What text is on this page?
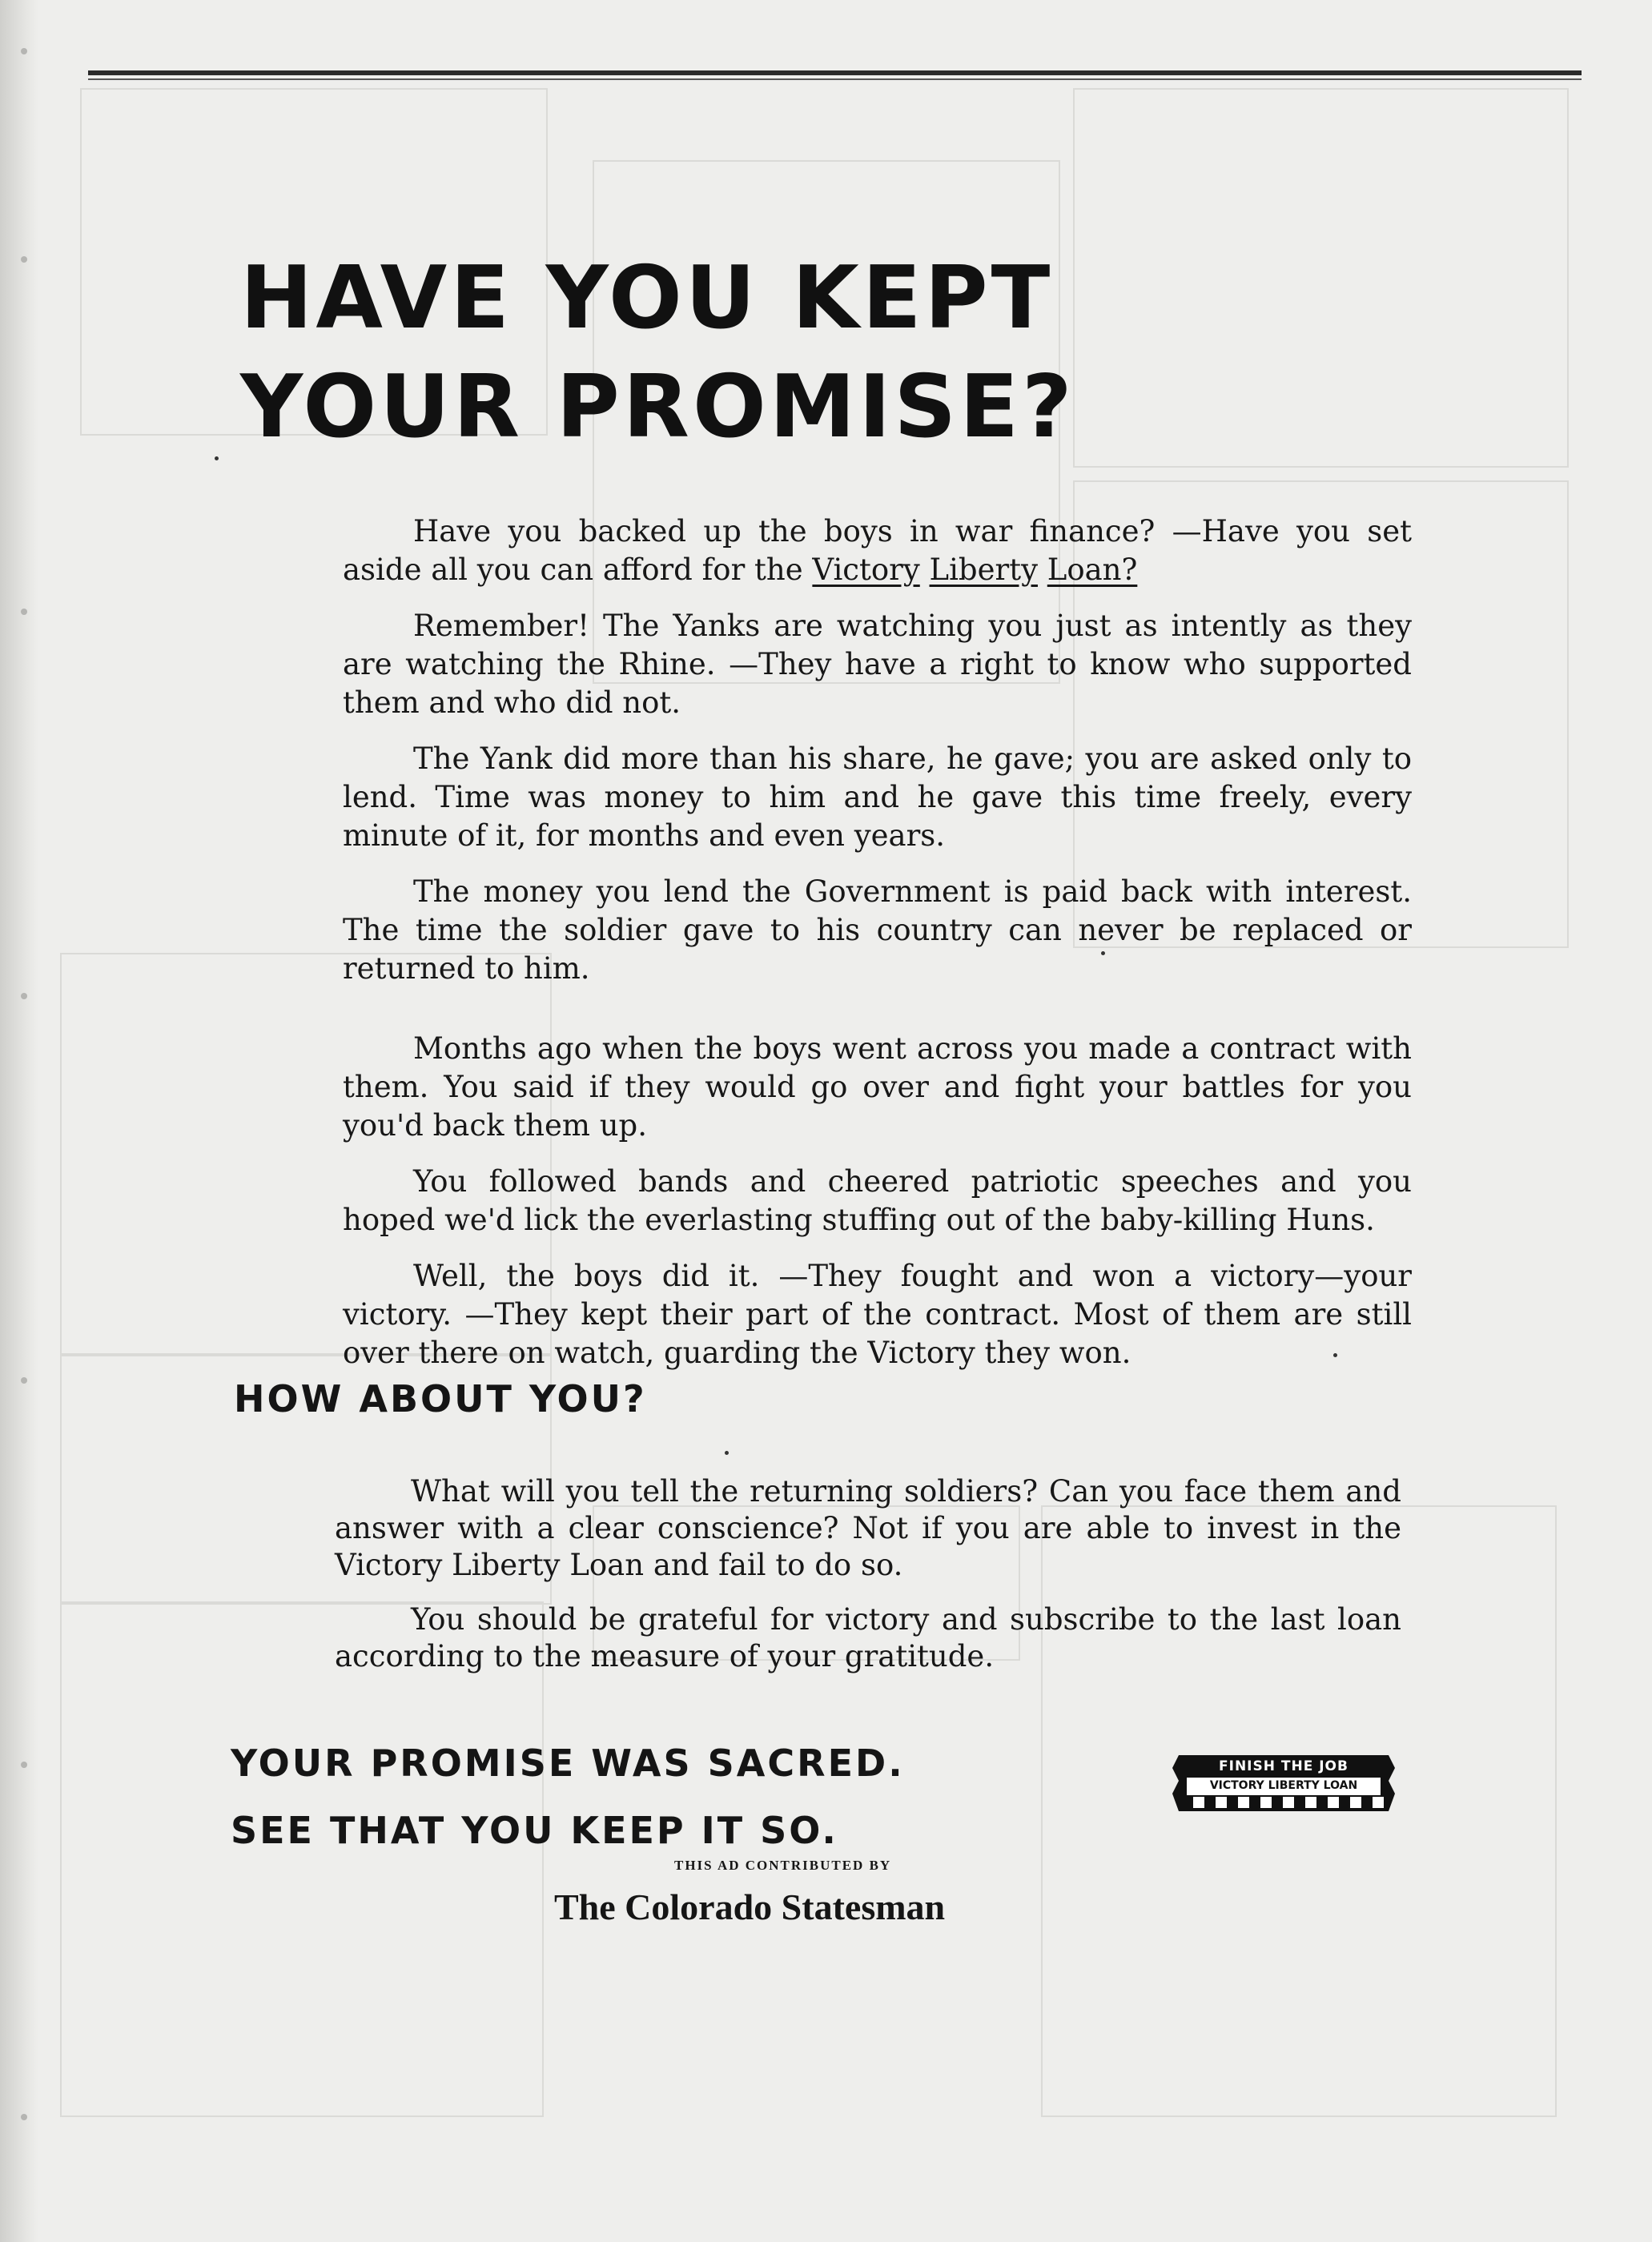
HAVE YOU KEPT
YOUR PROMISE?

Have you backed up the boys in war finance? —Have you set aside all you can afford for the Victory Liberty Loan?

Remember! The Yanks are watching you just as intently as they are watching the Rhine. —They have a right to know who supported them and who did not.

The Yank did more than his share, he gave; you are asked only to lend. Time was money to him and he gave this time freely, every minute of it, for months and even years.

The money you lend the Government is paid back with interest. The time the soldier gave to his country can never be replaced or returned to him.

Months ago when the boys went across you made a contract with them. You said if they would go over and fight your battles for you you'd back them up.

You followed bands and cheered patriotic speeches and you hoped we'd lick the everlasting stuffing out of the baby-killing Huns.

Well, the boys did it. —They fought and won a victory—your victory. —They kept their part of the contract. Most of them are still over there on watch, guarding the Victory they won.

HOW ABOUT YOU?

What will you tell the returning soldiers? Can you face them and answer with a clear conscience? Not if you are able to invest in the Victory Liberty Loan and fail to do so.

You should be grateful for victory and subscribe to the last loan according to the measure of your gratitude.

YOUR PROMISE WAS SACRED.
SEE THAT YOU KEEP IT SO.
THIS AD CONTRIBUTED BY
The Colorado Statesman
FINISH THE JOB
VICTORY LIBERTY LOAN
